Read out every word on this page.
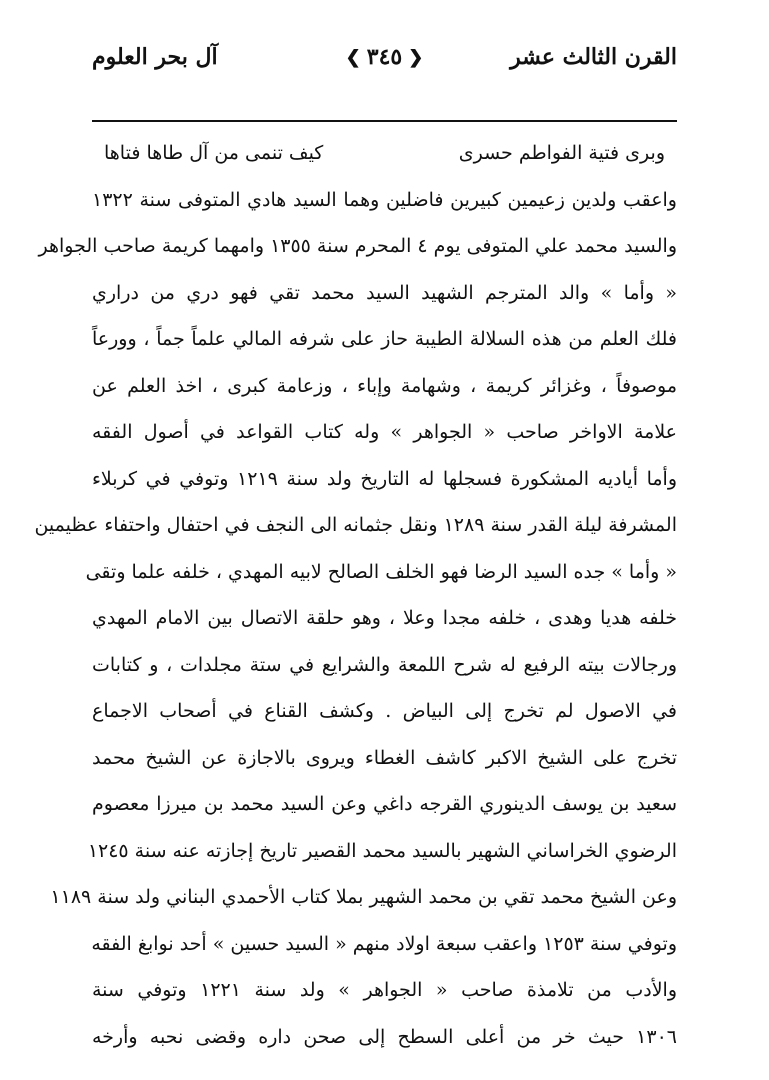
القرن الثالث عشر
❮
٣٤٥
❯
آل بحر العلوم
وبرى فتية الفواطم حسرى
كيف تنمى من آل طاها فتاها
واعقب ولدين زعيمين كبيرين فاضلين وهما السيد هادي المتوفى سنة ١٣٢٢
والسيد محمد علي المتوفى يوم ٤ المحرم سنة ١٣٥٥ وامهما كريمة صاحب الجواهر
« وأما » والد المترجم الشهيد السيد محمد تقي فهو دري من دراري
فلك العلم من هذه السلالة الطيبة حاز على شرفه المالي علماً جماً ، وورعاً
موصوفاً ، وغزائر كريمة ، وشهامة وإباء ، وزعامة كبرى ، اخذ العلم عن
علامة الاواخر صاحب « الجواهر » وله كتاب القواعد في أصول الفقه
وأما أياديه المشكورة فسجلها له التاريخ ولد سنة ١٢١٩ وتوفي في كربلاء
المشرفة ليلة القدر سنة ١٢٨٩ ونقل جثمانه الى النجف في احتفال واحتفاء عظيمين
« وأما » جده السيد الرضا فهو الخلف الصالح لابيه المهدي ، خلفه علما وتقى
خلفه هديا وهدى ، خلفه مجدا وعلا ، وهو حلقة الاتصال بين الامام المهدي
ورجالات بيته الرفيع له شرح اللمعة والشرايع في ستة مجلدات ، و كتابات
في الاصول لم تخرج إلى البياض . وكشف القناع في أصحاب الاجماع
تخرج على الشيخ الاكبر كاشف الغطاء ويروى بالاجازة عن الشيخ محمد
سعيد بن يوسف الدينوري القرجه داغي وعن السيد محمد بن ميرزا معصوم
الرضوي الخراساني الشهير بالسيد محمد القصير تاريخ إجازته عنه سنة ١٢٤٥
وعن الشيخ محمد تقي بن محمد الشهير بملا كتاب الأحمدي البناني ولد سنة ١١٨٩
وتوفي سنة ١٢٥٣ واعقب سبعة اولاد منهم « السيد حسين » أحد نوابغ الفقه
والأدب من تلامذة صاحب « الجواهر » ولد سنة ١٢٢١ وتوفي سنة
١٣٠٦ حيث خر من أعلى السطح إلى صحن داره وقضى نحبه وأرخه
